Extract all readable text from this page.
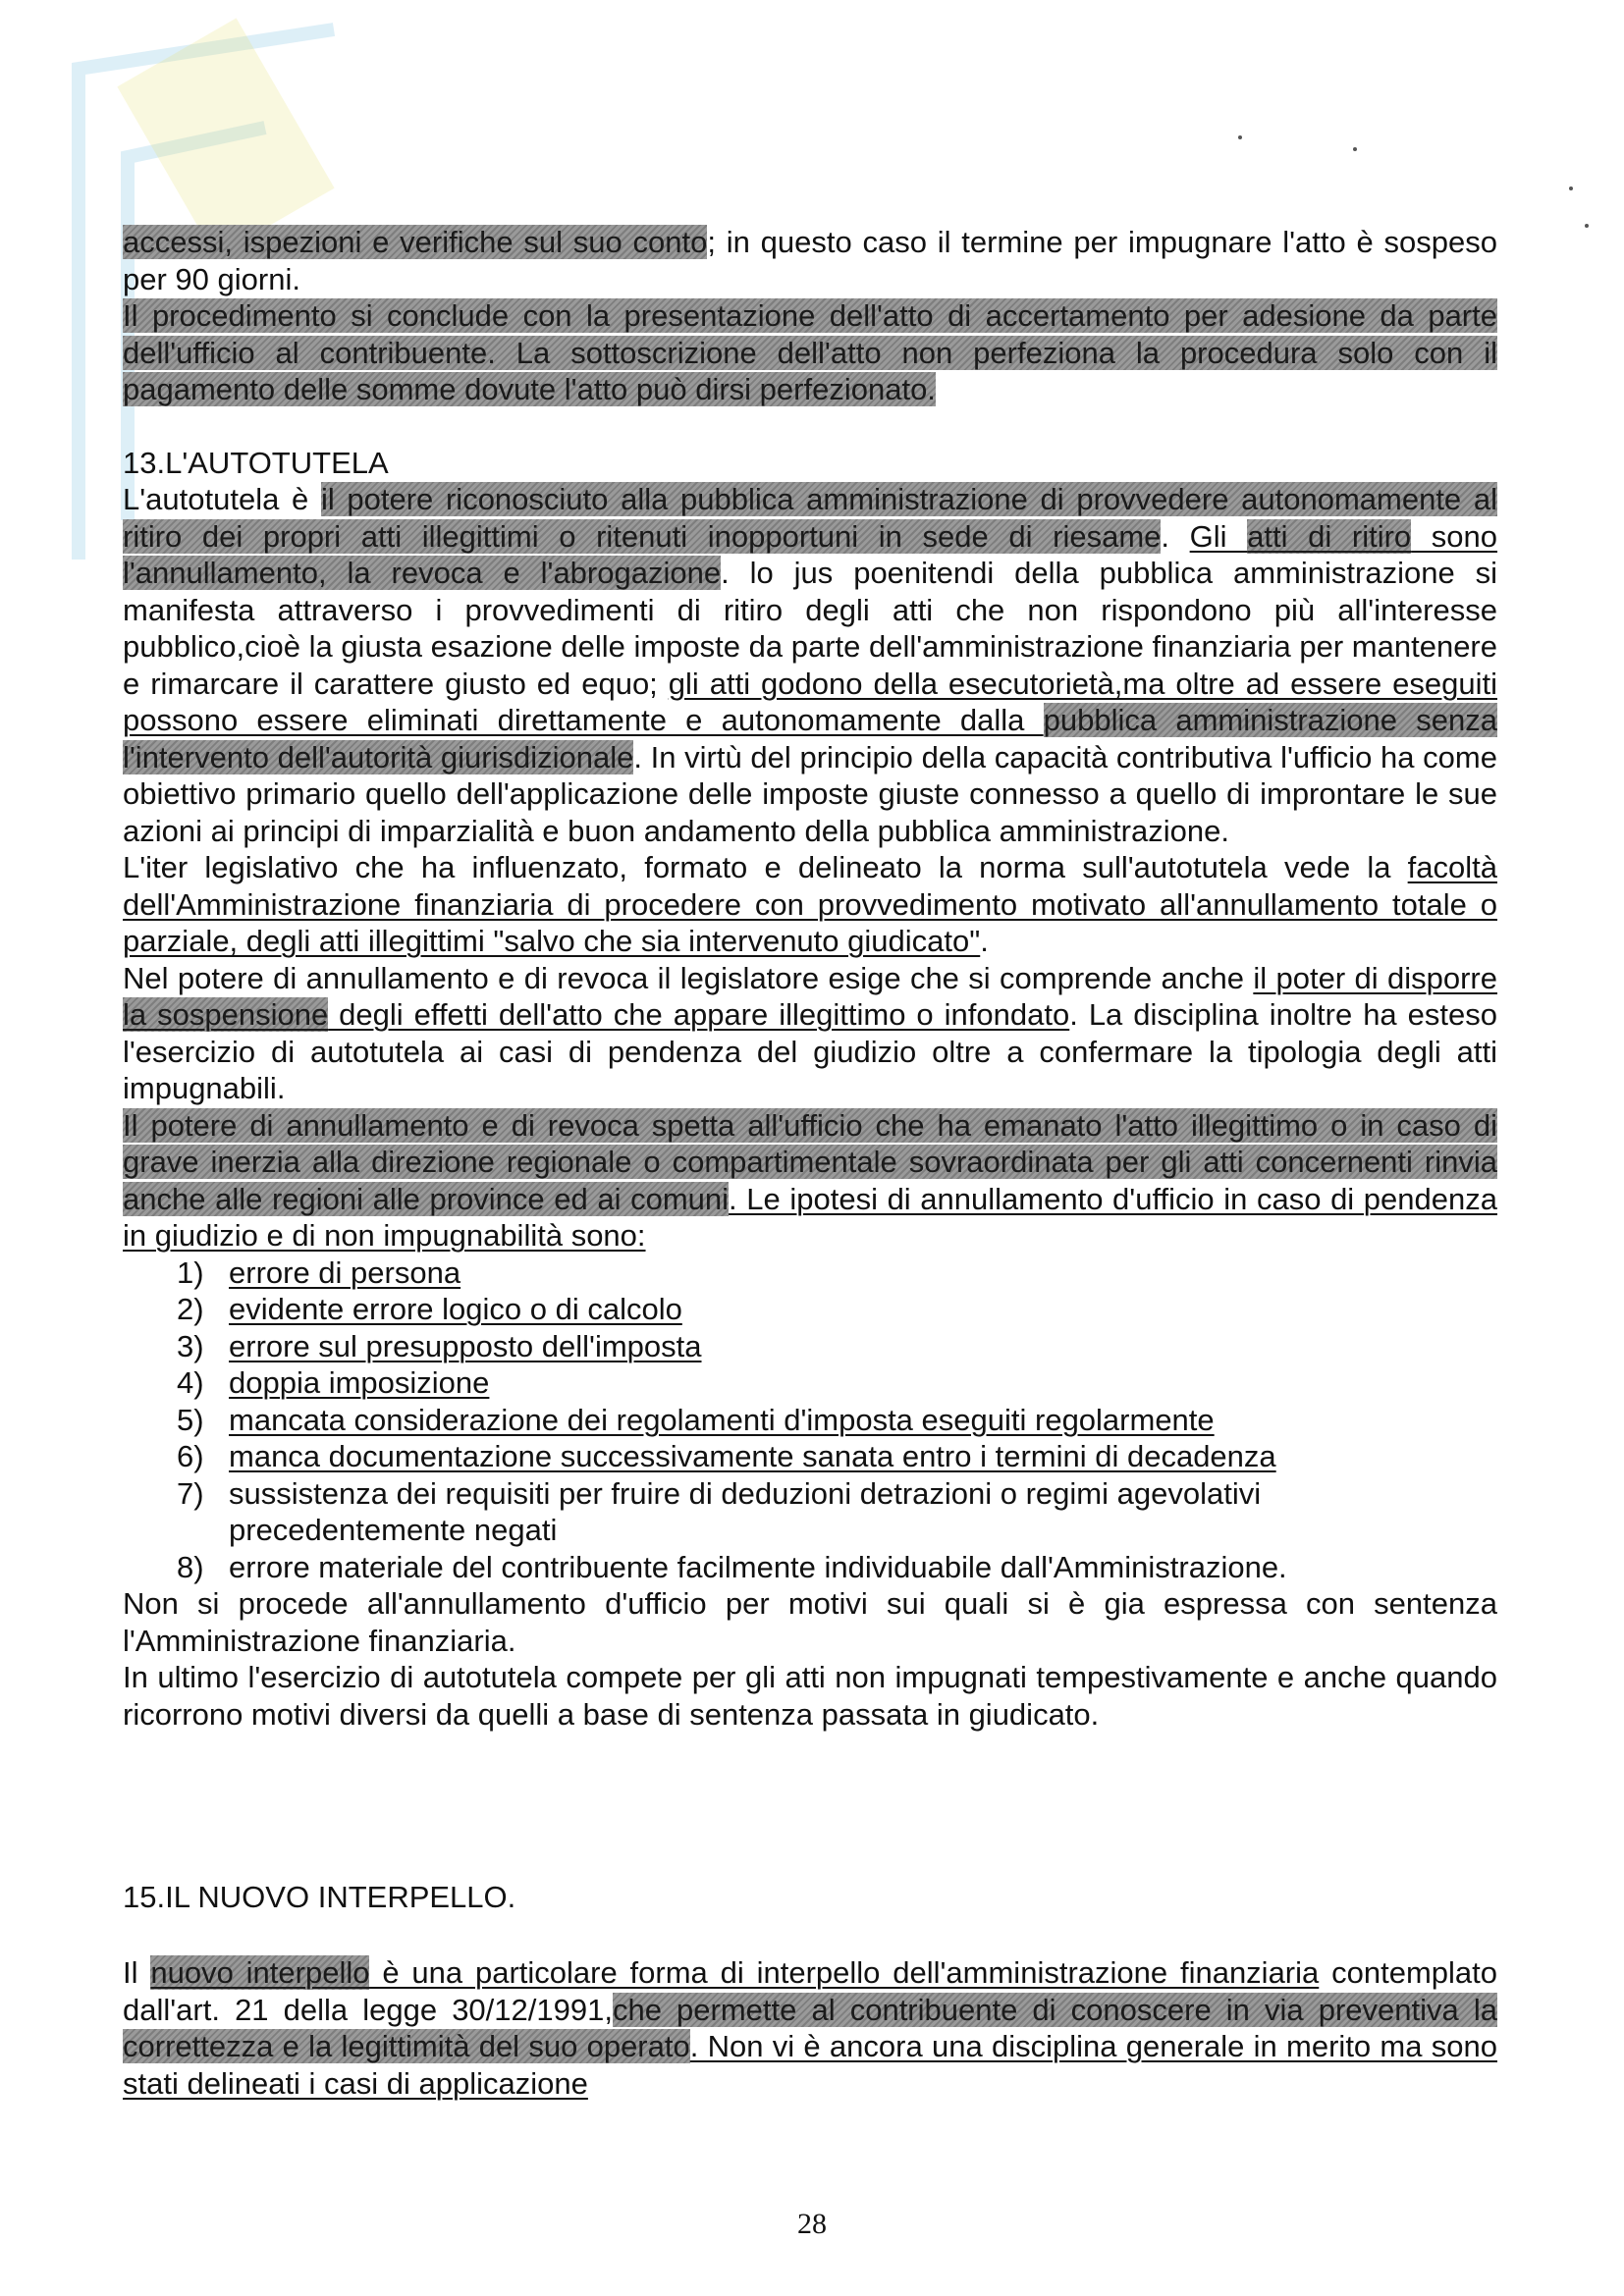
accessi, ispezioni e verifiche sul suo conto; in questo caso il termine per impugnare l'atto è sospeso per 90 giorni.

Il procedimento si conclude con la presentazione dell'atto di accertamento per adesione da parte dell'ufficio al contribuente. La sottoscrizione dell'atto non perfeziona la procedura solo con il pagamento delle somme dovute l'atto può dirsi perfezionato.

13.L'AUTOTUTELA

L'autotutela è il potere riconosciuto alla pubblica amministrazione di provvedere autonomamente al ritiro dei propri atti illegittimi o ritenuti inopportuni in sede di riesame. Gli atti di ritiro sono l'annullamento, la revoca e l'abrogazione. lo jus poenitendi della pubblica amministrazione si manifesta attraverso i provvedimenti di ritiro degli atti che non rispondono più all'interesse pubblico,cioè la giusta esazione delle imposte da parte dell'amministrazione finanziaria per mantenere e rimarcare il carattere giusto ed equo; gli atti godono della esecutorietà,ma oltre ad essere eseguiti possono essere eliminati direttamente e autonomamente dalla pubblica amministrazione senza l'intervento dell'autorità giurisdizionale. In virtù del principio della capacità contributiva l'ufficio ha come obiettivo primario quello dell'applicazione delle imposte giuste connesso a quello di improntare le sue azioni ai principi di imparzialità e buon andamento della pubblica amministrazione.

L'iter legislativo che ha influenzato, formato e delineato la norma sull'autotutela vede la facoltà dell'Amministrazione finanziaria di procedere con provvedimento motivato all'annullamento totale o parziale, degli atti illegittimi "salvo che sia intervenuto giudicato".

Nel potere di annullamento e di revoca il legislatore esige che si comprende anche il poter di disporre la sospensione degli effetti dell'atto che appare illegittimo o infondato. La disciplina inoltre ha esteso l'esercizio di autotutela ai casi di pendenza del giudizio oltre a confermare la tipologia degli atti impugnabili.

Il potere di annullamento e di revoca spetta all'ufficio che ha emanato l'atto illegittimo o in caso di grave inerzia alla direzione regionale o compartimentale sovraordinata per gli atti concernenti rinvia anche alle regioni alle province ed ai comuni. Le ipotesi di annullamento d'ufficio in caso di pendenza in giudizio e di non impugnabilità sono:

1) errore di persona
2) evidente errore logico o di calcolo
3) errore sul presupposto dell'imposta
4) doppia imposizione
5) mancata considerazione dei regolamenti d'imposta eseguiti regolarmente
6) manca documentazione successivamente sanata entro i termini di decadenza
7) sussistenza dei requisiti per fruire di deduzioni detrazioni o regimi agevolativi precedentemente negati
8) errore materiale del contribuente facilmente individuabile dall'Amministrazione.

Non si procede all'annullamento d'ufficio per motivi sui quali si è gia espressa con sentenza l'Amministrazione finanziaria.

In ultimo l'esercizio di autotutela compete per gli atti non impugnati tempestivamente e anche quando ricorrono motivi diversi da quelli a base di sentenza passata in giudicato.

15.IL NUOVO INTERPELLO.

Il nuovo interpello è una particolare forma di interpello dell'amministrazione finanziaria contemplato dall'art. 21 della legge 30/12/1991,che permette al contribuente di conoscere in via preventiva la correttezza e la legittimità del suo operato. Non vi è ancora una disciplina generale in merito ma sono stati delineati i casi di applicazione

28
